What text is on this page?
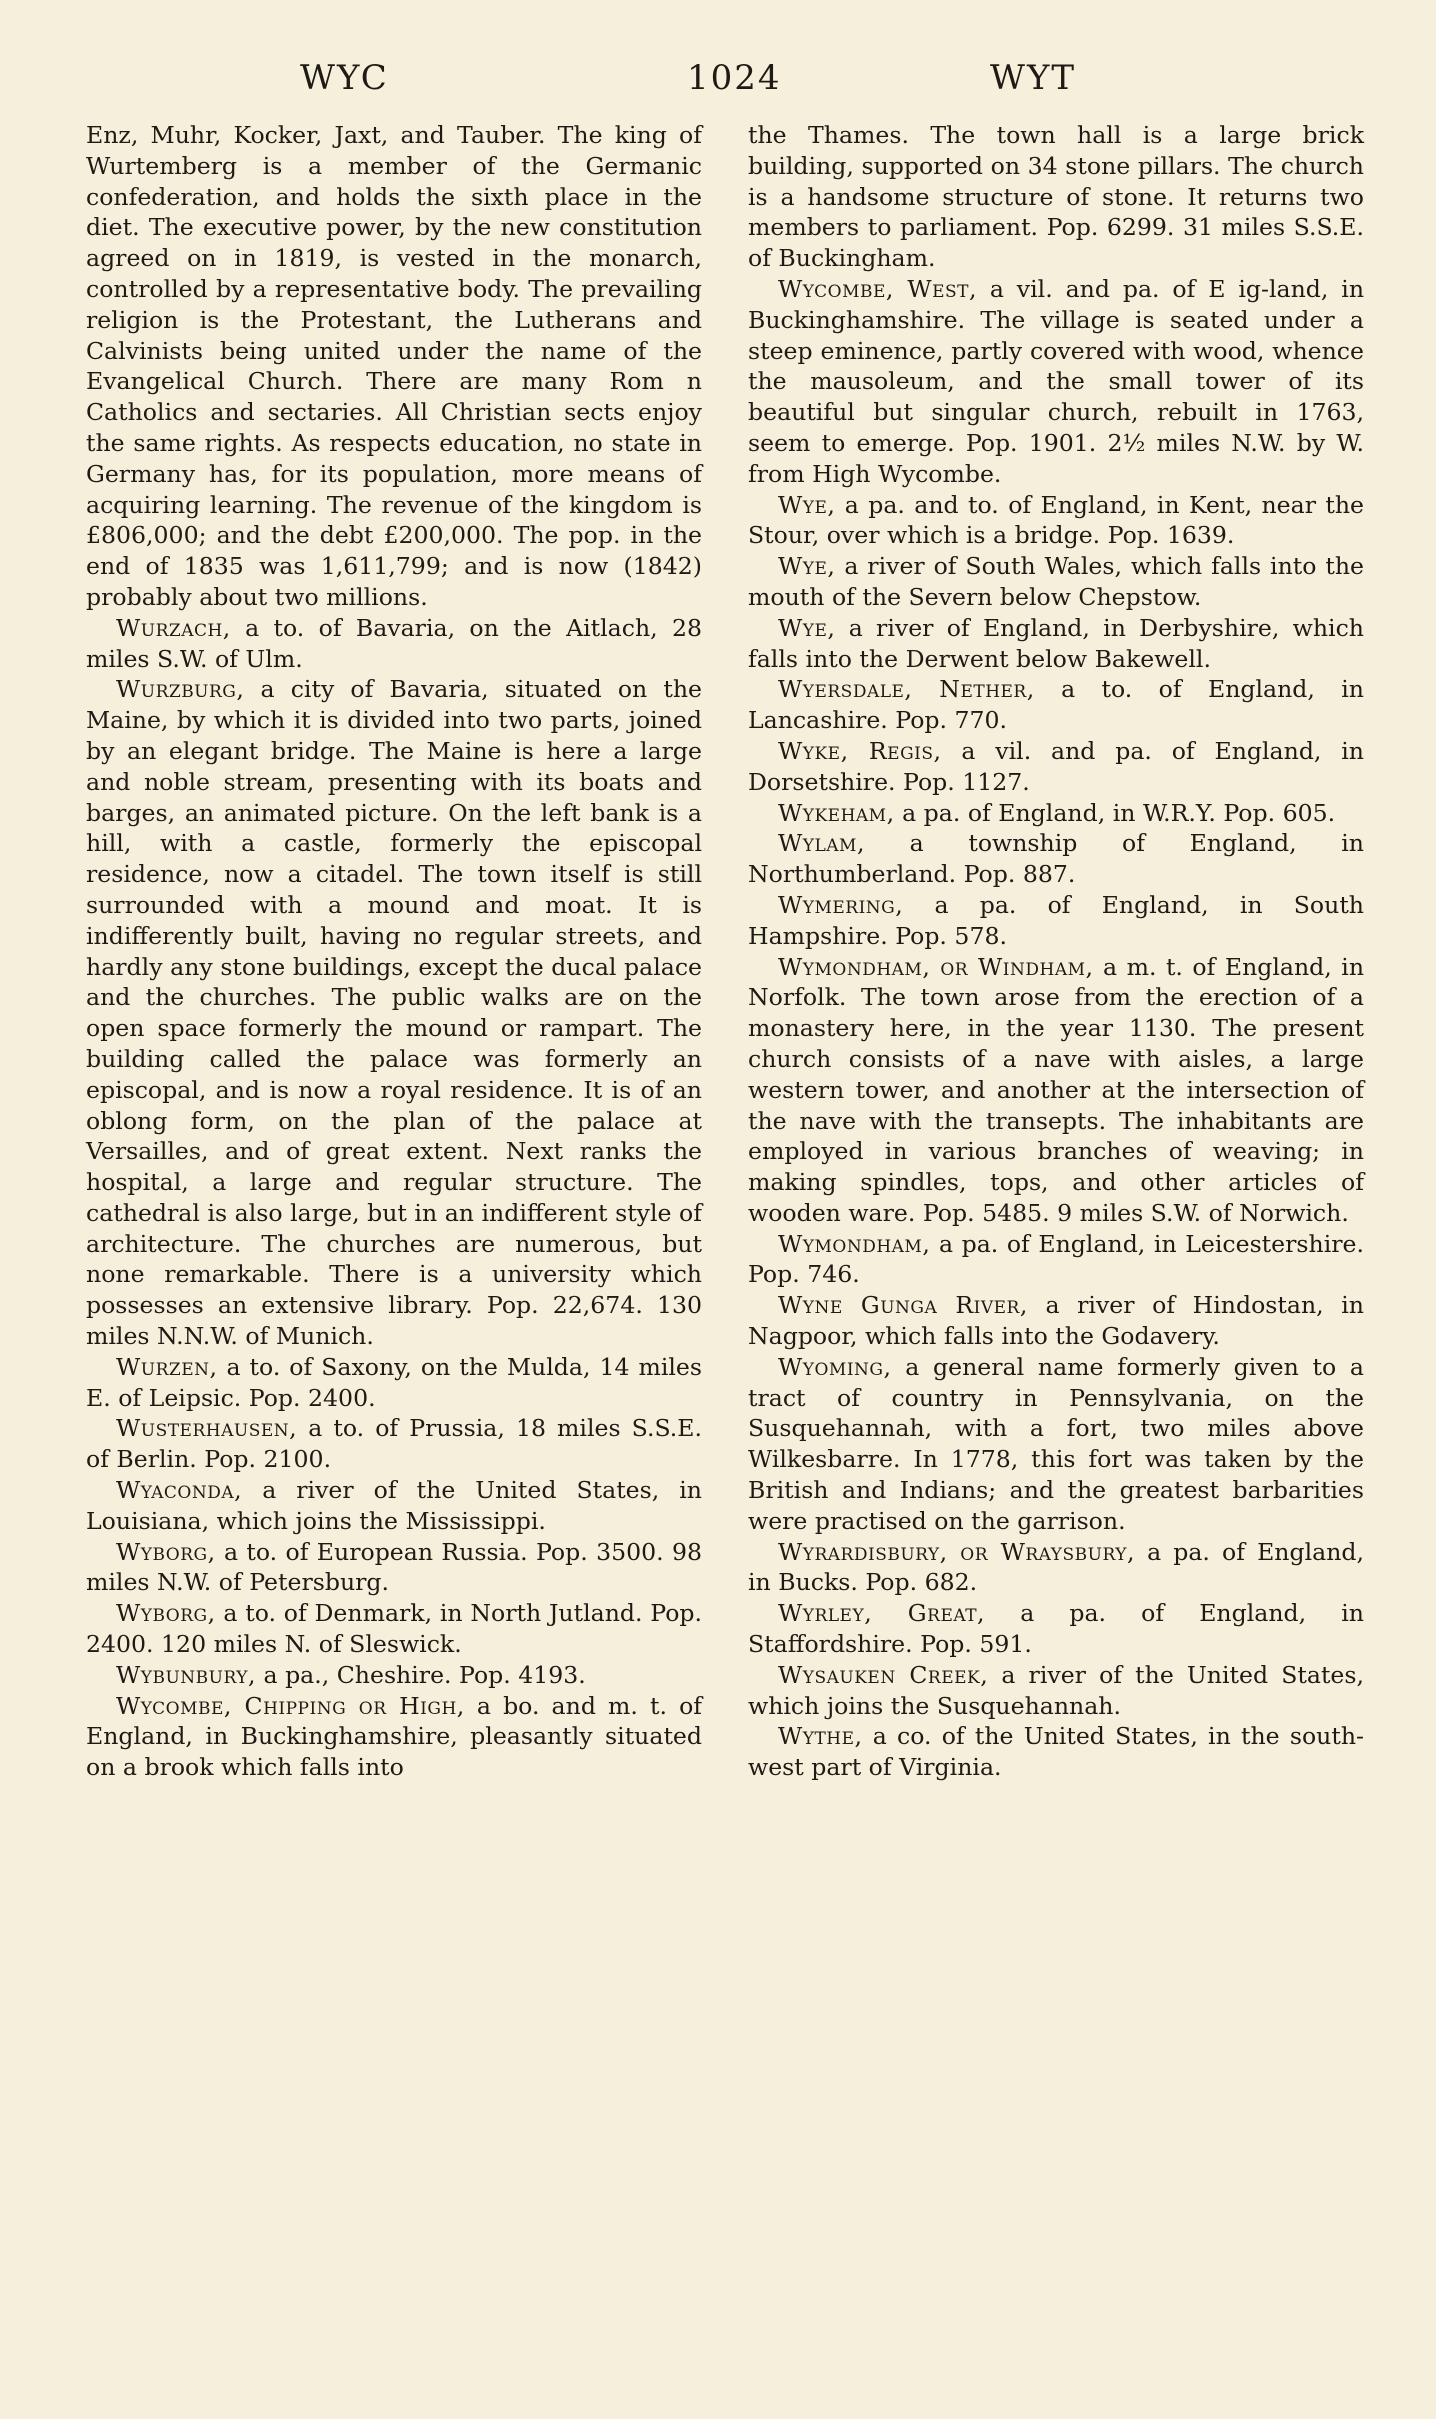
WYC	1024	WYT

Enz, Muhr, Kocker, Jaxt, and Tauber. The king of Wurtemberg is a member of the Germanic confederation, and holds the sixth place in the diet. The executive power, by the new constitution agreed on in 1819, is vested in the monarch, controlled by a representative body. The prevailing religion is the Protestant, the Lutherans and Calvinists being united under the name of the Evangelical Church. There are many Rom n Catholics and sectaries. All Christian sects enjoy the same rights. As respects education, no state in Germany has, for its population, more means of acquiring learning. The revenue of the kingdom is £806,000; and the debt £200,000. The pop. in the end of 1835 was 1,611,799; and is now (1842) probably about two millions.

Wurzach, a to. of Bavaria, on the Aitlach, 28 miles S.W. of Ulm.

Wurzburg, a city of Bavaria, situated on the Maine, by which it is divided into two parts, joined by an elegant bridge. The Maine is here a large and noble stream, presenting with its boats and barges, an animated picture. On the left bank is a hill, with a castle, formerly the episcopal residence, now a citadel. The town itself is still surrounded with a mound and moat. It is indifferently built, having no regular streets, and hardly any stone buildings, except the ducal palace and the churches. The public walks are on the open space formerly the mound or rampart. The building called the palace was formerly an episcopal, and is now a royal residence. It is of an oblong form, on the plan of the palace at Versailles, and of great extent. Next ranks the hospital, a large and regular structure. The cathedral is also large, but in an indifferent style of architecture. The churches are numerous, but none remarkable. There is a university which possesses an extensive library. Pop. 22,674. 130 miles N.N.W. of Munich.

Wurzen, a to. of Saxony, on the Mulda, 14 miles E. of Leipsic. Pop. 2400.

Wusterhausen, a to. of Prussia, 18 miles S.S.E. of Berlin. Pop. 2100.

Wyaconda, a river of the United States, in Louisiana, which joins the Mississippi.

Wyborg, a to. of European Russia. Pop. 3500. 98 miles N.W. of Petersburg.

Wyborg, a to. of Denmark, in North Jutland. Pop. 2400. 120 miles N. of Sleswick.

Wybunbury, a pa., Cheshire. Pop. 4193.

Wycombe, Chipping or High, a bo. and m. t. of England, in Buckinghamshire, pleasantly situated on a brook which falls into

the Thames. The town hall is a large brick building, supported on 34 stone pillars. The church is a handsome structure of stone. It returns two members to parliament. Pop. 6299. 31 miles S.S.E. of Buckingham.

Wycombe, West, a vil. and pa. of E ig-land, in Buckinghamshire. The village is seated under a steep eminence, partly covered with wood, whence the mausoleum, and the small tower of its beautiful but singular church, rebuilt in 1763, seem to emerge. Pop. 1901. 2½ miles N.W. by W. from High Wycombe.

Wye, a pa. and to. of England, in Kent, near the Stour, over which is a bridge. Pop. 1639.

Wye, a river of South Wales, which falls into the mouth of the Severn below Chepstow.

Wye, a river of England, in Derbyshire, which falls into the Derwent below Bakewell.

Wyersdale, Nether, a to. of England, in Lancashire. Pop. 770.

Wyke, Regis, a vil. and pa. of England, in Dorsetshire. Pop. 1127.

Wykeham, a pa. of England, in W.R.Y. Pop. 605.

Wylam, a township of England, in Northumberland. Pop. 887.

Wymering, a pa. of England, in South Hampshire. Pop. 578.

Wymondham, or Windham, a m. t. of England, in Norfolk. The town arose from the erection of a monastery here, in the year 1130. The present church consists of a nave with aisles, a large western tower, and another at the intersection of the nave with the transepts. The inhabitants are employed in various branches of weaving; in making spindles, tops, and other articles of wooden ware. Pop. 5485. 9 miles S.W. of Norwich.

Wymondham, a pa. of England, in Leicestershire. Pop. 746.

Wyne Gunga River, a river of Hindostan, in Nagpoor, which falls into the Godavery.

Wyoming, a general name formerly given to a tract of country in Pennsylvania, on the Susquehannah, with a fort, two miles above Wilkesbarre. In 1778, this fort was taken by the British and Indians; and the greatest barbarities were practised on the garrison.

Wyrardisbury, or Wraysbury, a pa. of England, in Bucks. Pop. 682.

Wyrley, Great, a pa. of England, in Staffordshire. Pop. 591.

Wysauken Creek, a river of the United States, which joins the Susquehannah.

Wythe, a co. of the United States, in the south-west part of Virginia.
